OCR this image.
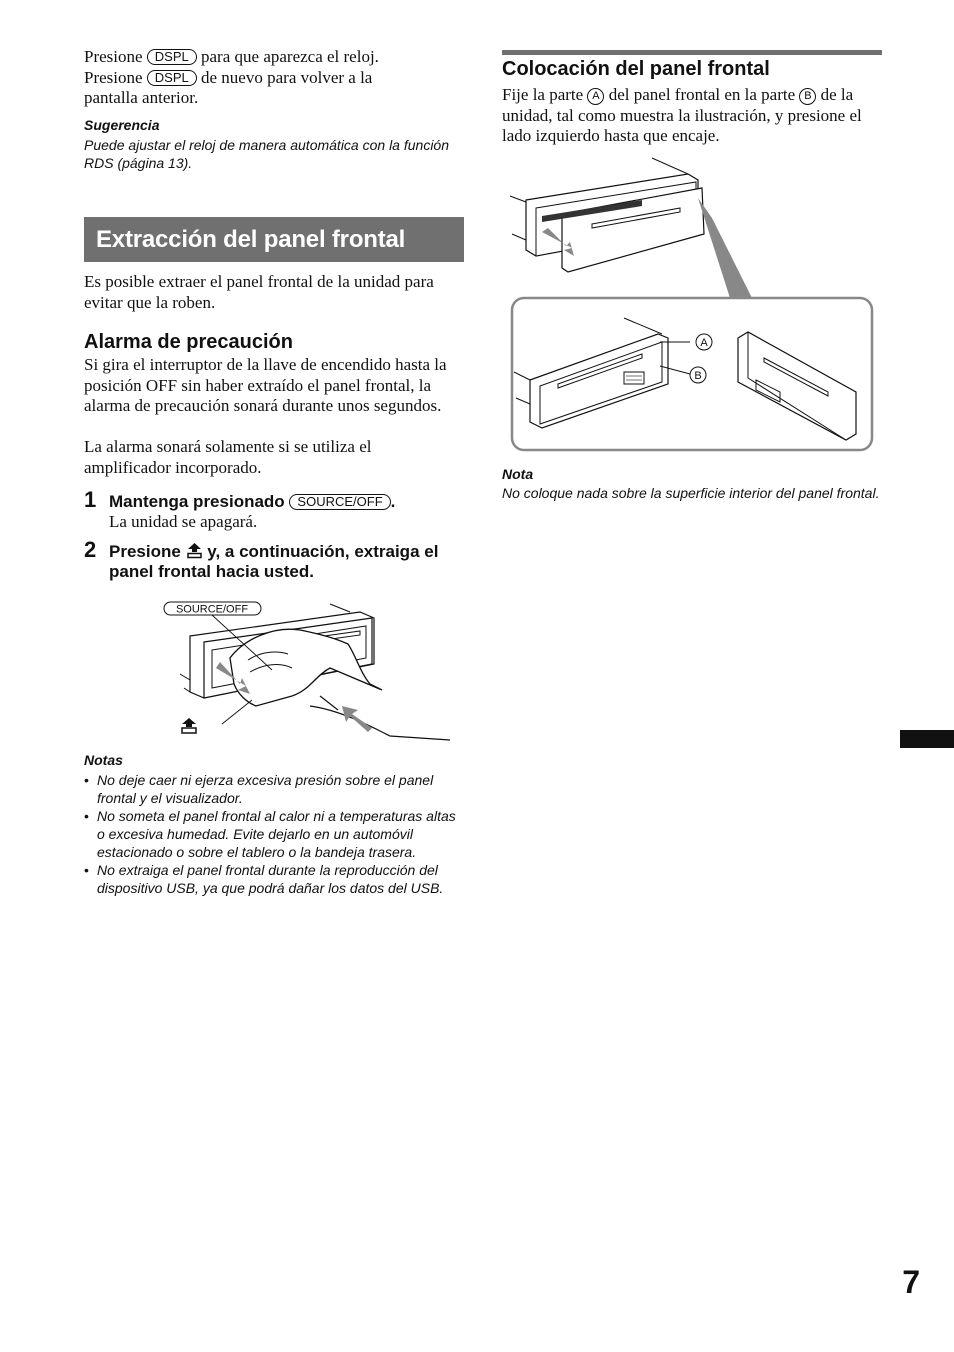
Presione DSPL para que aparezca el reloj.
Presione DSPL de nuevo para volver a la
pantalla anterior.

Sugerencia

Puede ajustar el reloj de manera automática con la función RDS (página 13).

Es posible extraer el panel frontal de la unidad para evitar que la roben.

Alarma de precaución

Si gira el interruptor de la llave de encendido hasta la posición OFF sin haber extraído el panel frontal, la alarma de precaución sonará durante unos segundos.

La alarma sonará solamente si se utiliza el amplificador incorporado.

1 Mantenga presionado SOURCE/OFF .

La unidad se apagará.

2 Presione y, a continuación, extraiga el panel frontal hacia usted.

SOURCE/OFF

Notas

• No deje caer ni ejerza excesiva presión sobre el panel frontal y el visualizador.
• No someta el panel frontal al calor ni a temperaturas altas o excesiva humedad. Evite dejarlo en un automóvil estacionado o sobre el tablero o la bandeja trasera.
• No extraiga el panel frontal durante la reproducción del dispositivo USB, ya que podrá dañar los datos del USB.
Extracción del panel frontal

Colocación del panel frontal

Fije la parte A del panel frontal en la parte B de la unidad, tal como muestra la ilustración, y presione el lado izquierdo hasta que encaje.

A
B

Nota

No coloque nada sobre la superficie interior del panel frontal.

7
